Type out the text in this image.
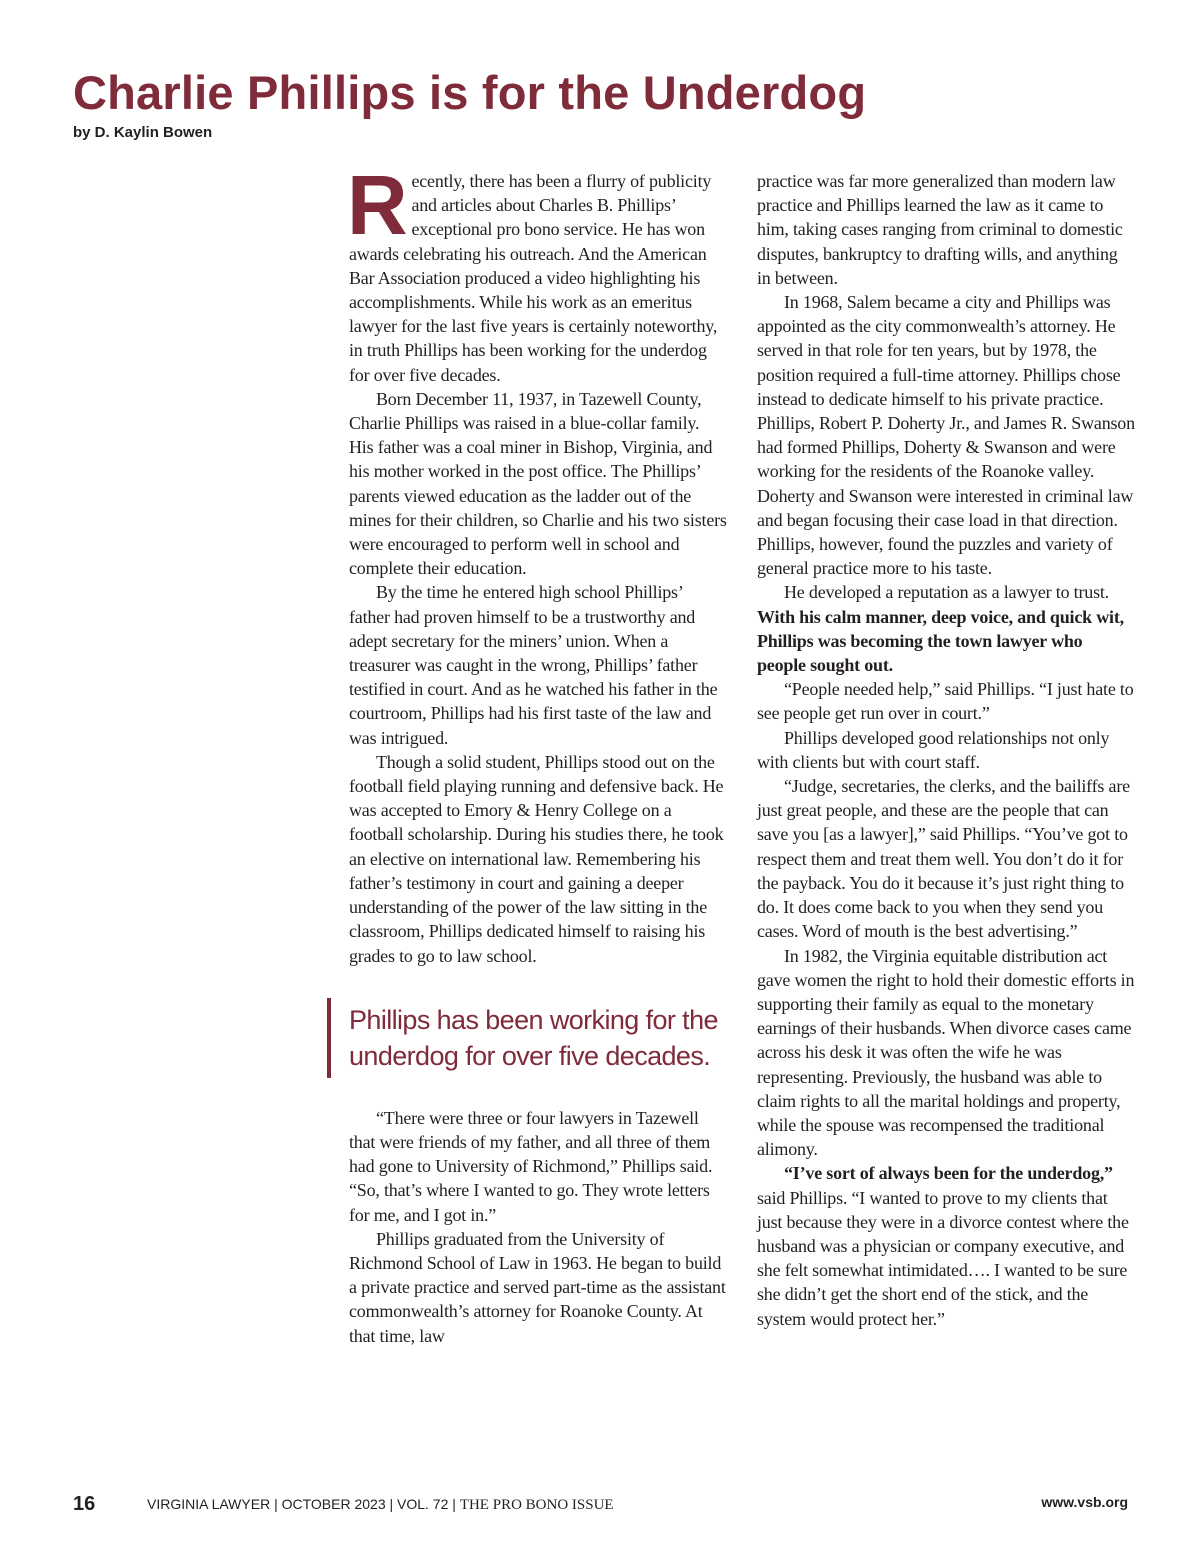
Charlie Phillips is for the Underdog
by D. Kaylin Bowen

Recently, there has been a flurry of publicity and articles about Charles B. Phillips’ exceptional pro bono service. He has won awards celebrating his outreach. And the American Bar Association produced a video highlighting his accomplishments. While his work as an emeritus lawyer for the last five years is certainly noteworthy, in truth Phillips has been working for the underdog for over five decades.

Born December 11, 1937, in Tazewell County, Charlie Phillips was raised in a blue-collar family. His father was a coal miner in Bishop, Virginia, and his mother worked in the post office. The Phillips’ parents viewed education as the ladder out of the mines for their children, so Charlie and his two sisters were encouraged to perform well in school and complete their education.

By the time he entered high school Phillips’ father had proven himself to be a trustworthy and adept secretary for the miners’ union. When a treasurer was caught in the wrong, Phillips’ father testified in court. And as he watched his father in the courtroom, Phillips had his first taste of the law and was intrigued.

Though a solid student, Phillips stood out on the football field playing running and defensive back. He was accepted to Emory & Henry College on a football scholarship. During his studies there, he took an elective on international law. Remembering his father’s testimony in court and gaining a deeper understanding of the power of the law sitting in the classroom, Phillips dedicated himself to raising his grades to go to law school.

Phillips has been working for the underdog for over five decades.

“There were three or four lawyers in Tazewell that were friends of my father, and all three of them had gone to University of Richmond,” Phillips said. “So, that’s where I wanted to go. They wrote letters for me, and I got in.”

Phillips graduated from the University of Richmond School of Law in 1963. He began to build a private practice and served part-time as the assistant commonwealth’s attorney for Roanoke County. At that time, law

practice was far more generalized than modern law practice and Phillips learned the law as it came to him, taking cases ranging from criminal to domestic disputes, bankruptcy to drafting wills, and anything in between.

In 1968, Salem became a city and Phillips was appointed as the city commonwealth’s attorney. He served in that role for ten years, but by 1978, the position required a full-time attorney. Phillips chose instead to dedicate himself to his private practice. Phillips, Robert P. Doherty Jr., and James R. Swanson had formed Phillips, Doherty & Swanson and were working for the residents of the Roanoke valley. Doherty and Swanson were interested in criminal law and began focusing their case load in that direction. Phillips, however, found the puzzles and variety of general practice more to his taste.

He developed a reputation as a lawyer to trust. With his calm manner, deep voice, and quick wit, Phillips was becoming the town lawyer who people sought out.

“People needed help,” said Phillips. “I just hate to see people get run over in court.”

Phillips developed good relationships not only with clients but with court staff.

“Judge, secretaries, the clerks, and the bailiffs are just great people, and these are the people that can save you [as a lawyer],” said Phillips. “You’ve got to respect them and treat them well. You don’t do it for the payback. You do it because it’s just right thing to do. It does come back to you when they send you cases. Word of mouth is the best advertising.”

In 1982, the Virginia equitable distribution act gave women the right to hold their domestic efforts in supporting their family as equal to the monetary earnings of their husbands. When divorce cases came across his desk it was often the wife he was representing. Previously, the husband was able to claim rights to all the marital holdings and property, while the spouse was recompensed the traditional alimony.

“I’ve sort of always been for the underdog,” said Phillips. “I wanted to prove to my clients that just because they were in a divorce contest where the husband was a physician or company executive, and she felt somewhat intimidated…. I wanted to be sure she didn’t get the short end of the stick, and the system would protect her.”

16	VIRGINIA LAWYER | OCTOBER 2023 | VOL. 72 | THE PRO BONO ISSUE	www.vsb.org
